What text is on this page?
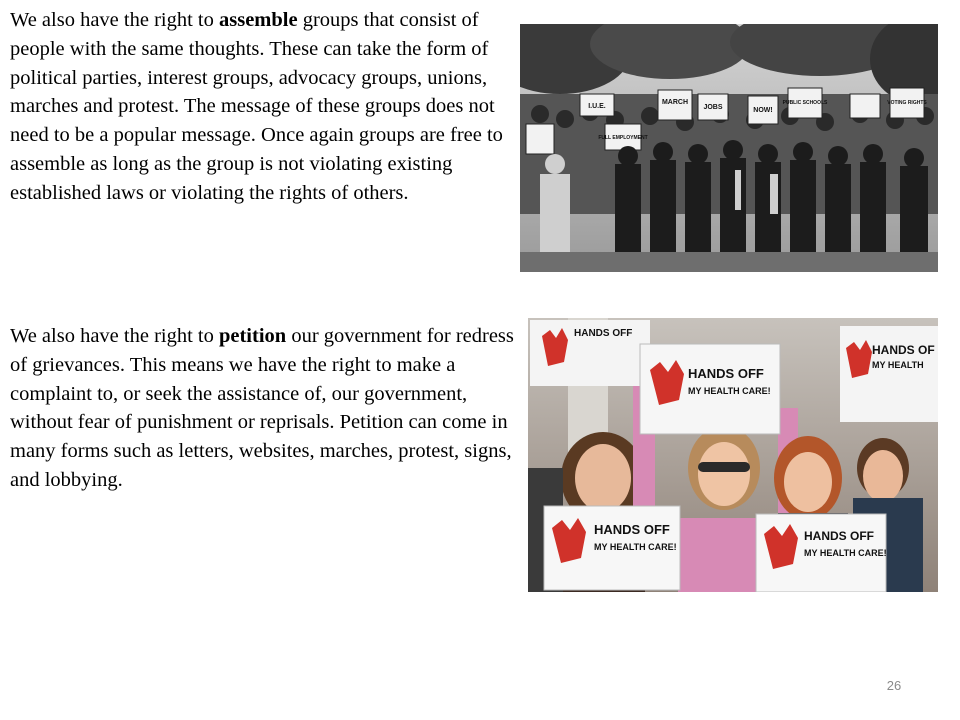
We also have the right to assemble groups that consist of people with the same thoughts. These can take the form of political parties, interest groups, advocacy groups, unions, marches and protest. The message of these groups does not need to be a popular message. Once again groups are free to assemble as long as the group is not violating existing established laws or violating the rights of others.

I.U.E.
MARCH
JOBS
FULL EMPLOYMENT
NOW!
PUBLIC SCHOOLS	VOTING RIGHTS

We also have the right to petition our government for redress of grievances. This means we have the right to make a complaint to, or seek the assistance of, our government, without fear of punishment or reprisals. Petition can come in many forms such as letters, websites, marches, protest, signs, and lobbying.

HANDS OFF
HANDS OFF
MY HEALTH CARE!
HANDS OF
MY HEALTH
HANDS OFF
MY HEALTH CARE!
HANDS OFF
MY HEALTH CARE!
26
